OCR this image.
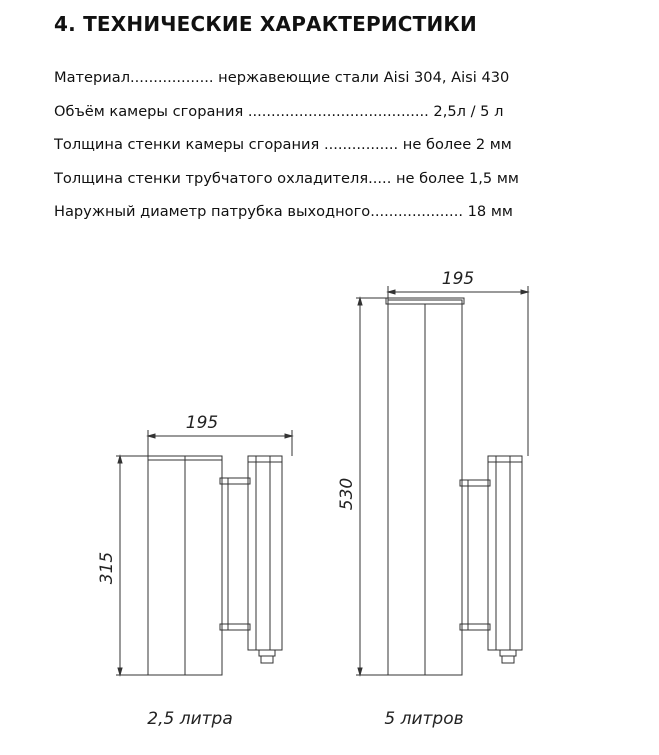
4. ТЕХНИЧЕСКИЕ ХАРАКТЕРИСТИКИ
Материал.................. нержавеющие стали Aisi 304, Aisi 430
Объём камеры сгорания ....................................... 2,5л / 5 л
Толщина стенки камеры сгорания ................ не более 2 мм
Толщина стенки трубчатого охладителя..... не более 1,5 мм
Наружный диаметр патрубка выходного.................... 18 мм
195
315
2,5 литра
195
530
5 литров
